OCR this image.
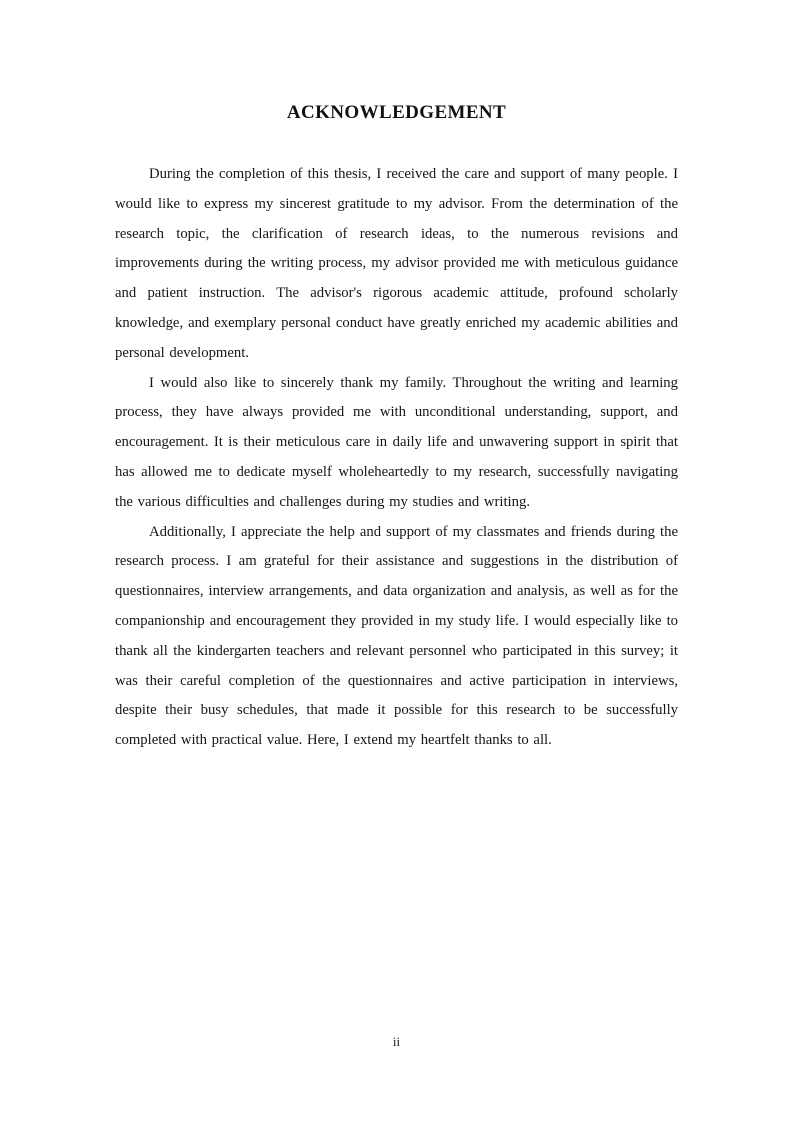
ACKNOWLEDGEMENT

During the completion of this thesis, I received the care and support of many people. I would like to express my sincerest gratitude to my advisor. From the determination of the research topic, the clarification of research ideas, to the numerous revisions and improvements during the writing process, my advisor provided me with meticulous guidance and patient instruction. The advisor's rigorous academic attitude, profound scholarly knowledge, and exemplary personal conduct have greatly enriched my academic abilities and personal development.

I would also like to sincerely thank my family. Throughout the writing and learning process, they have always provided me with unconditional understanding, support, and encouragement. It is their meticulous care in daily life and unwavering support in spirit that has allowed me to dedicate myself wholeheartedly to my research, successfully navigating the various difficulties and challenges during my studies and writing.

Additionally, I appreciate the help and support of my classmates and friends during the research process. I am grateful for their assistance and suggestions in the distribution of questionnaires, interview arrangements, and data organization and analysis, as well as for the companionship and encouragement they provided in my study life. I would especially like to thank all the kindergarten teachers and relevant personnel who participated in this survey; it was their careful completion of the questionnaires and active participation in interviews, despite their busy schedules, that made it possible for this research to be successfully completed with practical value. Here, I extend my heartfelt thanks to all.

ii
